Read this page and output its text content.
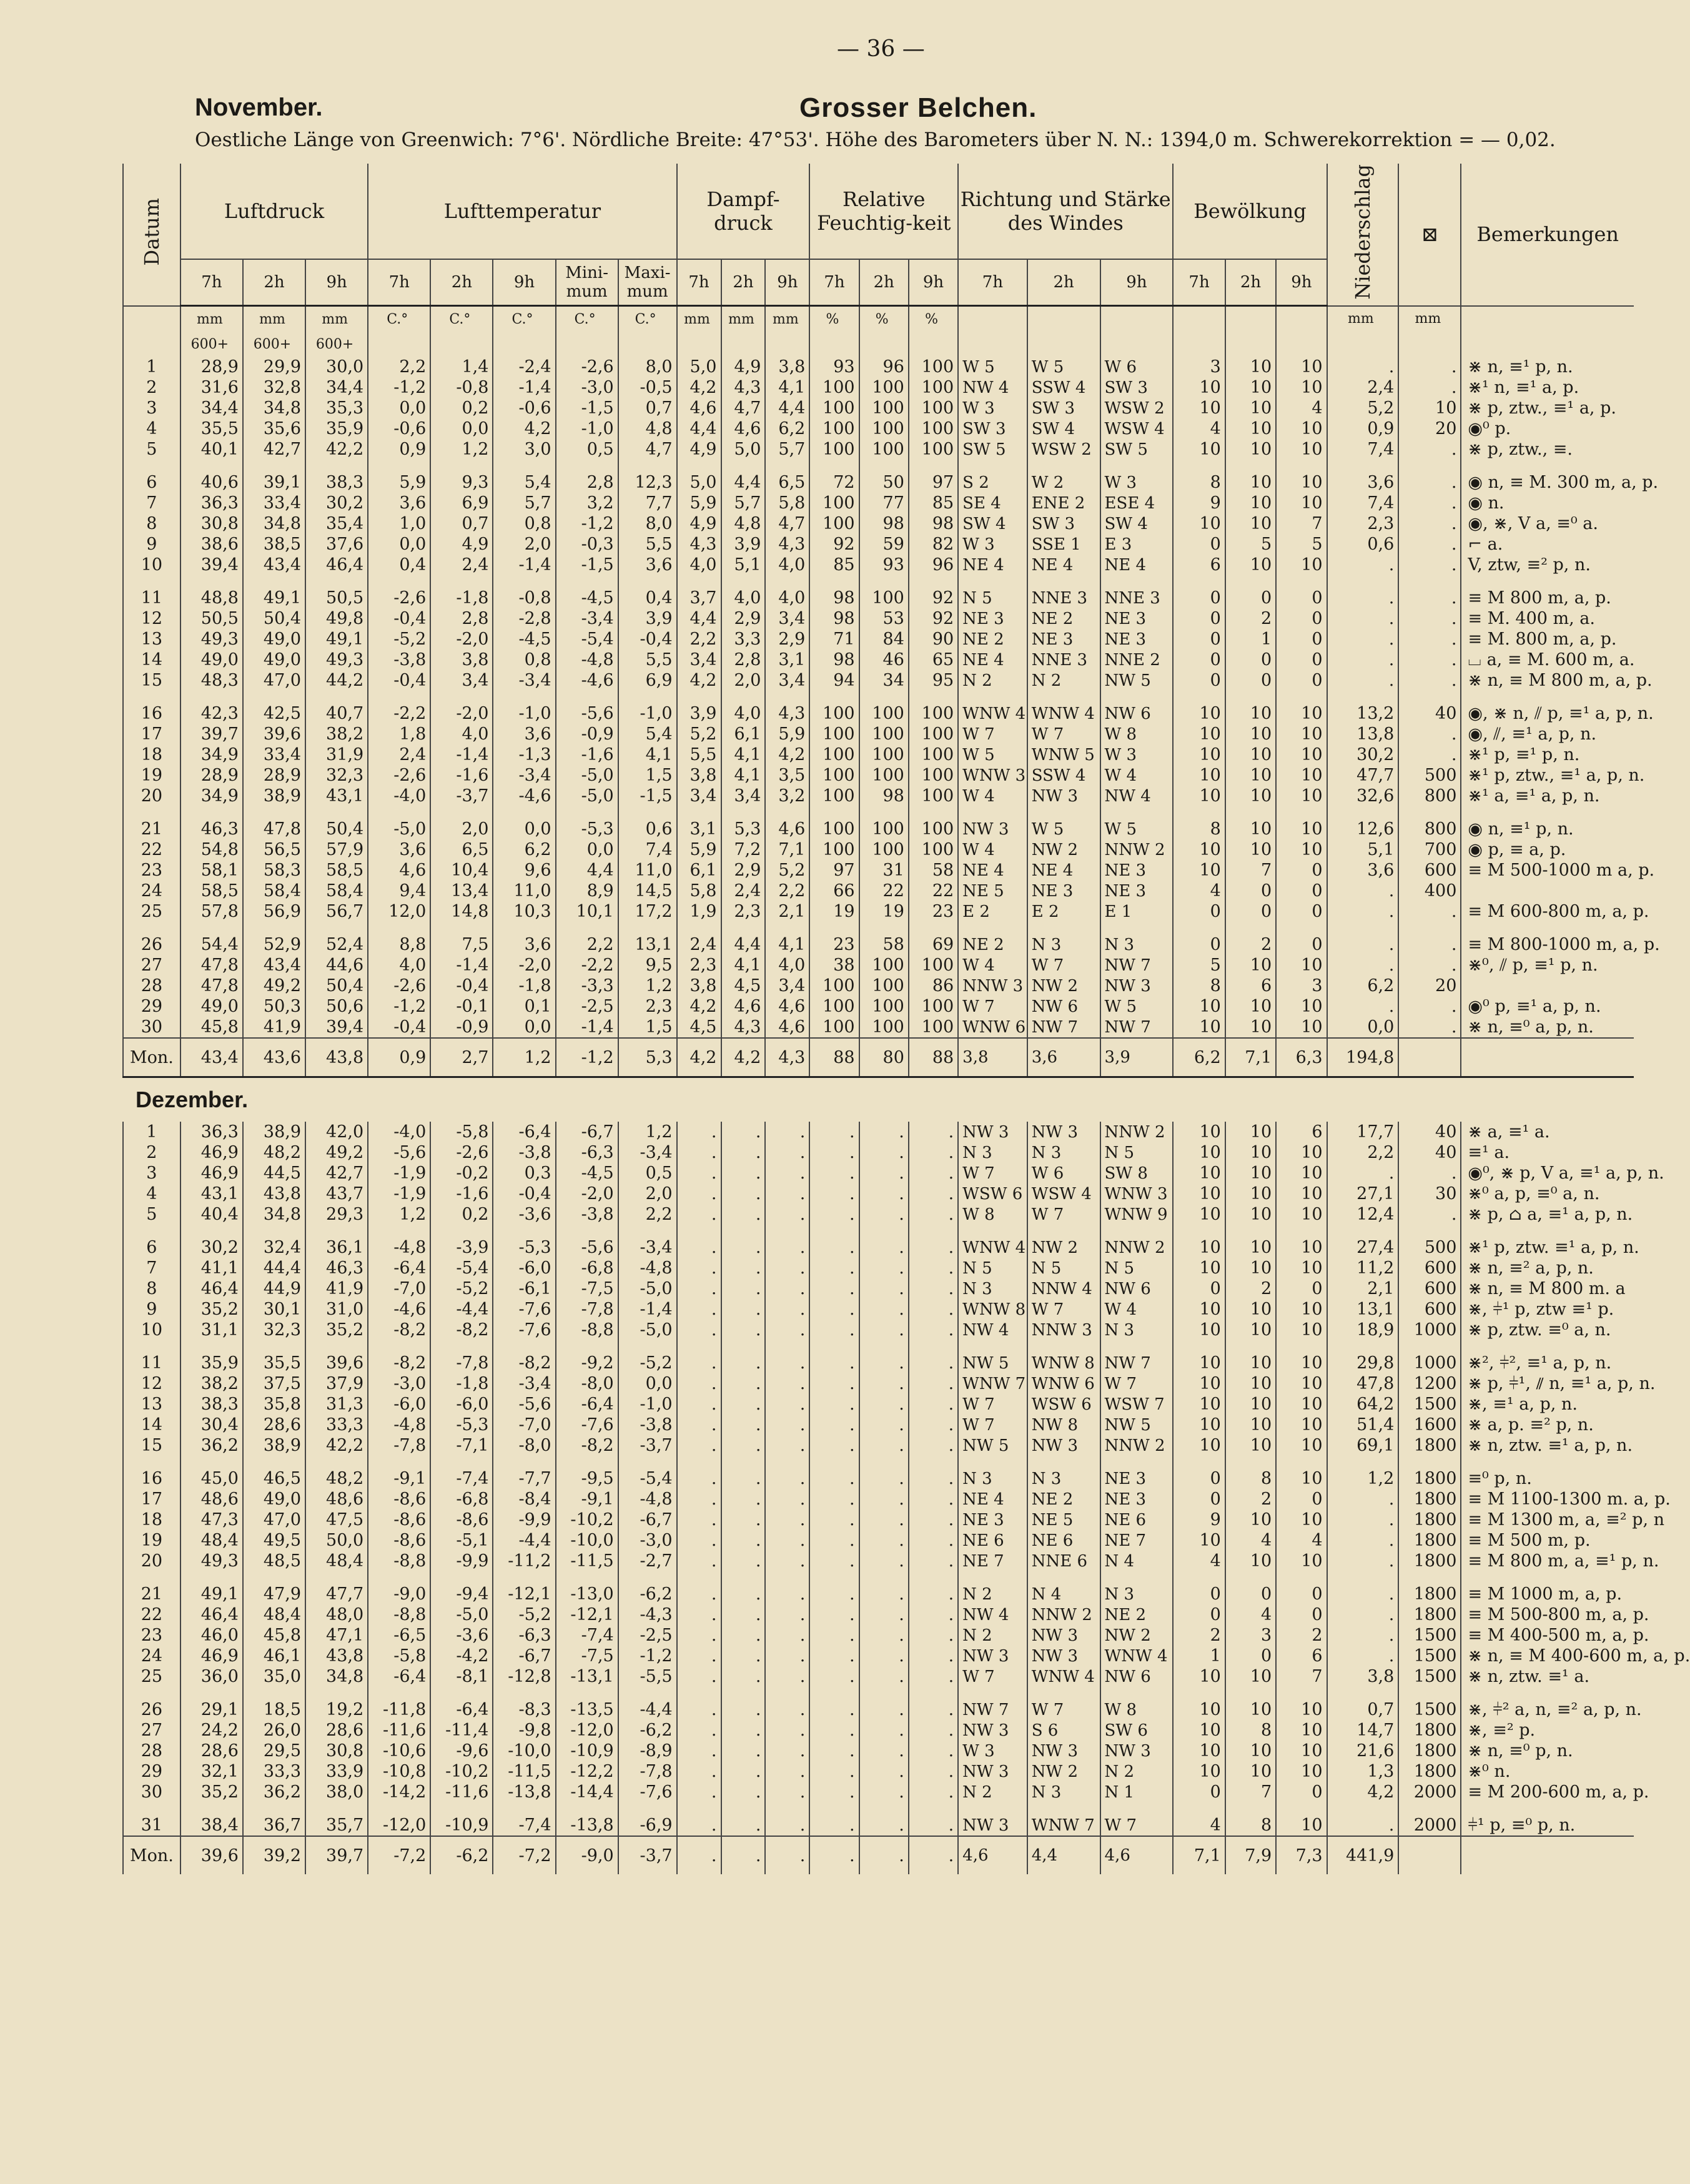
— 36 —
November.	Grosser Belchen.
Oestliche Länge von Greenwich: 7°6'. Nördliche Breite: 47°53'. Höhe des Barometers über N. N.: 1394,0 m. Schwerekorrektion = — 0,02.
Datum	Luftdruck			Lufttemperatur					Dampf-druck			Relative Feuchtig-keit			Richtung und Stärke des Windes			Bewölkung			Niederschlag	⊠	Bemerkungen
	7h	2h	9h	7h	2h	9h	Mini-mum	Maxi-mum	7h	2h	9h	7h	2h	9h	7h	2h	9h	7h	2h	9h			
	mm	mm	mm	C.°	C.°	C.°	C.°	C.°	mm	mm	mm	%	%	%							mm	mm	
	600+	600+	600+																				
1	28,9	29,9	30,0	2,2	1,4	-2,4	-2,6	8,0	5,0	4,9	3,8	93	96	100	W 5	W 5	W 6	3	10	10	.	.	⋇ n, ≡¹ p, n.
2	31,6	32,8	34,4	-1,2	-0,8	-1,4	-3,0	-0,5	4,2	4,3	4,1	100	100	100	NW 4	SSW 4	SW 3	10	10	10	2,4	.	⋇¹ n, ≡¹ a, p.
3	34,4	34,8	35,3	0,0	0,2	-0,6	-1,5	0,7	4,6	4,7	4,4	100	100	100	W 3	SW 3	WSW 2	10	10	4	5,2	10	⋇ p, ztw., ≡¹ a, p.
4	35,5	35,6	35,9	-0,6	0,0	4,2	-1,0	4,8	4,4	4,6	6,2	100	100	100	SW 3	SW 4	WSW 4	4	10	10	0,9	20	◉⁰ p.
5	40,1	42,7	42,2	0,9	1,2	3,0	0,5	4,7	4,9	5,0	5,7	100	100	100	SW 5	WSW 2	SW 5	10	10	10	7,4	.	⋇ p, ztw., ≡.

6	40,6	39,1	38,3	5,9	9,3	5,4	2,8	12,3	5,0	4,4	6,5	72	50	97	S 2	W 2	W 3	8	10	10	3,6	.	◉ n, ≡ M. 300 m, a, p.
7	36,3	33,4	30,2	3,6	6,9	5,7	3,2	7,7	5,9	5,7	5,8	100	77	85	SE 4	ENE 2	ESE 4	9	10	10	7,4	.	◉ n.
8	30,8	34,8	35,4	1,0	0,7	0,8	-1,2	8,0	4,9	4,8	4,7	100	98	98	SW 4	SW 3	SW 4	10	10	7	2,3	.	◉, ⋇, V a, ≡⁰ a.
9	38,6	38,5	37,6	0,0	4,9	2,0	-0,3	5,5	4,3	3,9	4,3	92	59	82	W 3	SSE 1	E 3	0	5	5	0,6	.	⌐ a.
10	39,4	43,4	46,4	0,4	2,4	-1,4	-1,5	3,6	4,0	5,1	4,0	85	93	96	NE 4	NE 4	NE 4	6	10	10	.	.	V, ztw, ≡² p, n.

11	48,8	49,1	50,5	-2,6	-1,8	-0,8	-4,5	0,4	3,7	4,0	4,0	98	100	92	N 5	NNE 3	NNE 3	0	0	0	.	.	≡ M 800 m, a, p.
12	50,5	50,4	49,8	-0,4	2,8	-2,8	-3,4	3,9	4,4	2,9	3,4	98	53	92	NE 3	NE 2	NE 3	0	2	0	.	.	≡ M. 400 m, a.
13	49,3	49,0	49,1	-5,2	-2,0	-4,5	-5,4	-0,4	2,2	3,3	2,9	71	84	90	NE 2	NE 3	NE 3	0	1	0	.	.	≡ M. 800 m, a, p.
14	49,0	49,0	49,3	-3,8	3,8	0,8	-4,8	5,5	3,4	2,8	3,1	98	46	65	NE 4	NNE 3	NNE 2	0	0	0	.	.	⌴ a, ≡ M. 600 m, a.
15	48,3	47,0	44,2	-0,4	3,4	-3,4	-4,6	6,9	4,2	2,0	3,4	94	34	95	N 2	N 2	NW 5	0	0	0	.	.	⋇ n, ≡ M 800 m, a, p.

16	42,3	42,5	40,7	-2,2	-2,0	-1,0	-5,6	-1,0	3,9	4,0	4,3	100	100	100	WNW 4	WNW 4	NW 6	10	10	10	13,2	40	◉, ⋇ n, ⫽ p, ≡¹ a, p, n.
17	39,7	39,6	38,2	1,8	4,0	3,6	-0,9	5,4	5,2	6,1	5,9	100	100	100	W 7	W 7	W 8	10	10	10	13,8	.	◉, ⫽, ≡¹ a, p, n.
18	34,9	33,4	31,9	2,4	-1,4	-1,3	-1,6	4,1	5,5	4,1	4,2	100	100	100	W 5	WNW 5	W 3	10	10	10	30,2	.	⋇¹ p, ≡¹ p, n.
19	28,9	28,9	32,3	-2,6	-1,6	-3,4	-5,0	1,5	3,8	4,1	3,5	100	100	100	WNW 3	SSW 4	W 4	10	10	10	47,7	500	⋇¹ p, ztw., ≡¹ a, p, n.
20	34,9	38,9	43,1	-4,0	-3,7	-4,6	-5,0	-1,5	3,4	3,4	3,2	100	98	100	W 4	NW 3	NW 4	10	10	10	32,6	800	⋇¹ a, ≡¹ a, p, n.

21	46,3	47,8	50,4	-5,0	2,0	0,0	-5,3	0,6	3,1	5,3	4,6	100	100	100	NW 3	W 5	W 5	8	10	10	12,6	800	◉ n, ≡¹ p, n.
22	54,8	56,5	57,9	3,6	6,5	6,2	0,0	7,4	5,9	7,2	7,1	100	100	100	W 4	NW 2	NNW 2	10	10	10	5,1	700	◉ p, ≡ a, p.
23	58,1	58,3	58,5	4,6	10,4	9,6	4,4	11,0	6,1	2,9	5,2	97	31	58	NE 4	NE 4	NE 3	10	7	0	3,6	600	≡ M 500-1000 m a, p.
24	58,5	58,4	58,4	9,4	13,4	11,0	8,9	14,5	5,8	2,4	2,2	66	22	22	NE 5	NE 3	NE 3	4	0	0	.	400	
25	57,8	56,9	56,7	12,0	14,8	10,3	10,1	17,2	1,9	2,3	2,1	19	19	23	E 2	E 2	E 1	0	0	0	.	.	≡ M 600-800 m, a, p.

26	54,4	52,9	52,4	8,8	7,5	3,6	2,2	13,1	2,4	4,4	4,1	23	58	69	NE 2	N 3	N 3	0	2	0	.	.	≡ M 800-1000 m, a, p.
27	47,8	43,4	44,6	4,0	-1,4	-2,0	-2,2	9,5	2,3	4,1	4,0	38	100	100	W 4	W 7	NW 7	5	10	10	.	.	⋇⁰, ⫽ p, ≡¹ p, n.
28	47,8	49,2	50,4	-2,6	-0,4	-1,8	-3,3	1,2	3,8	4,5	3,4	100	100	86	NNW 3	NW 2	NW 3	8	6	3	6,2	20	
29	49,0	50,3	50,6	-1,2	-0,1	0,1	-2,5	2,3	4,2	4,6	4,6	100	100	100	W 7	NW 6	W 5	10	10	10	.	.	◉⁰ p, ≡¹ a, p, n.
30	45,8	41,9	39,4	-0,4	-0,9	0,0	-1,4	1,5	4,5	4,3	4,6	100	100	100	WNW 6	NW 7	NW 7	10	10	10	0,0	.	⋇ n, ≡⁰ a, p, n.
Mon.	43,4	43,6	43,8	0,9	2,7	1,2	-1,2	5,3	4,2	4,2	4,3	88	80	88	3,8	3,6	3,9	6,2	7,1	6,3	194,8		
Dezember.																							
1	36,3	38,9	42,0	-4,0	-5,8	-6,4	-6,7	1,2	.	.	.	.	.	.	NW 3	NW 3	NNW 2	10	10	6	17,7	40	⋇ a, ≡¹ a.
2	46,9	48,2	49,2	-5,6	-2,6	-3,8	-6,3	-3,4	.	.	.	.	.	.	N 3	N 3	N 5	10	10	10	2,2	40	≡¹ a.
3	46,9	44,5	42,7	-1,9	-0,2	0,3	-4,5	0,5	.	.	.	.	.	.	W 7	W 6	SW 8	10	10	10	.	.	◉⁰, ⋇ p, V a, ≡¹ a, p, n.
4	43,1	43,8	43,7	-1,9	-1,6	-0,4	-2,0	2,0	.	.	.	.	.	.	WSW 6	WSW 4	WNW 3	10	10	10	27,1	30	⋇⁰ a, p, ≡⁰ a, n.
5	40,4	34,8	29,3	1,2	0,2	-3,6	-3,8	2,2	.	.	.	.	.	.	W 8	W 7	WNW 9	10	10	10	12,4	.	⋇ p, ⌂ a, ≡¹ a, p, n.

6	30,2	32,4	36,1	-4,8	-3,9	-5,3	-5,6	-3,4	.	.	.	.	.	.	WNW 4	NW 2	NNW 2	10	10	10	27,4	500	⋇¹ p, ztw. ≡¹ a, p, n.
7	41,1	44,4	46,3	-6,4	-5,4	-6,0	-6,8	-4,8	.	.	.	.	.	.	N 5	N 5	N 5	10	10	10	11,2	600	⋇ n, ≡² a, p, n.
8	46,4	44,9	41,9	-7,0	-5,2	-6,1	-7,5	-5,0	.	.	.	.	.	.	N 3	NNW 4	NW 6	0	2	0	2,1	600	⋇ n, ≡ M 800 m. a
9	35,2	30,1	31,0	-4,6	-4,4	-7,6	-7,8	-1,4	.	.	.	.	.	.	WNW 8	W 7	W 4	10	10	10	13,1	600	⋇, ⫩¹ p, ztw ≡¹ p.
10	31,1	32,3	35,2	-8,2	-8,2	-7,6	-8,8	-5,0	.	.	.	.	.	.	NW 4	NNW 3	N 3	10	10	10	18,9	1000	⋇ p, ztw. ≡⁰ a, n.

11	35,9	35,5	39,6	-8,2	-7,8	-8,2	-9,2	-5,2	.	.	.	.	.	.	NW 5	WNW 8	NW 7	10	10	10	29,8	1000	⋇², ⫩², ≡¹ a, p, n.
12	38,2	37,5	37,9	-3,0	-1,8	-3,4	-8,0	0,0	.	.	.	.	.	.	WNW 7	WNW 6	W 7	10	10	10	47,8	1200	⋇ p, ⫩¹, ⫽ n, ≡¹ a, p, n.
13	38,3	35,8	31,3	-6,0	-6,0	-5,6	-6,4	-1,0	.	.	.	.	.	.	W 7	WSW 6	WSW 7	10	10	10	64,2	1500	⋇, ≡¹ a, p, n.
14	30,4	28,6	33,3	-4,8	-5,3	-7,0	-7,6	-3,8	.	.	.	.	.	.	W 7	NW 8	NW 5	10	10	10	51,4	1600	⋇ a, p. ≡² p, n.
15	36,2	38,9	42,2	-7,8	-7,1	-8,0	-8,2	-3,7	.	.	.	.	.	.	NW 5	NW 3	NNW 2	10	10	10	69,1	1800	⋇ n, ztw. ≡¹ a, p, n.

16	45,0	46,5	48,2	-9,1	-7,4	-7,7	-9,5	-5,4	.	.	.	.	.	.	N 3	N 3	NE 3	0	8	10	1,2	1800	≡⁰ p, n.
17	48,6	49,0	48,6	-8,6	-6,8	-8,4	-9,1	-4,8	.	.	.	.	.	.	NE 4	NE 2	NE 3	0	2	0	.	1800	≡ M 1100-1300 m. a, p.
18	47,3	47,0	47,5	-8,6	-8,6	-9,9	-10,2	-6,7	.	.	.	.	.	.	NE 3	NE 5	NE 6	9	10	10	.	1800	≡ M 1300 m, a, ≡² p, n
19	48,4	49,5	50,0	-8,6	-5,1	-4,4	-10,0	-3,0	.	.	.	.	.	.	NE 6	NE 6	NE 7	10	4	4	.	1800	≡ M 500 m, p.
20	49,3	48,5	48,4	-8,8	-9,9	-11,2	-11,5	-2,7	.	.	.	.	.	.	NE 7	NNE 6	N 4	4	10	10	.	1800	≡ M 800 m, a, ≡¹ p, n.

21	49,1	47,9	47,7	-9,0	-9,4	-12,1	-13,0	-6,2	.	.	.	.	.	.	N 2	N 4	N 3	0	0	0	.	1800	≡ M 1000 m, a, p.
22	46,4	48,4	48,0	-8,8	-5,0	-5,2	-12,1	-4,3	.	.	.	.	.	.	NW 4	NNW 2	NE 2	0	4	0	.	1800	≡ M 500-800 m, a, p.
23	46,0	45,8	47,1	-6,5	-3,6	-6,3	-7,4	-2,5	.	.	.	.	.	.	N 2	NW 3	NW 2	2	3	2	.	1500	≡ M 400-500 m, a, p.
24	46,9	46,1	43,8	-5,8	-4,2	-6,7	-7,5	-1,2	.	.	.	.	.	.	NW 3	NW 3	WNW 4	1	0	6	.	1500	⋇ n, ≡ M 400-600 m, a, p.
25	36,0	35,0	34,8	-6,4	-8,1	-12,8	-13,1	-5,5	.	.	.	.	.	.	W 7	WNW 4	NW 6	10	10	7	3,8	1500	⋇ n, ztw. ≡¹ a.

26	29,1	18,5	19,2	-11,8	-6,4	-8,3	-13,5	-4,4	.	.	.	.	.	.	NW 7	W 7	W 8	10	10	10	0,7	1500	⋇, ⫩² a, n, ≡² a, p, n.
27	24,2	26,0	28,6	-11,6	-11,4	-9,8	-12,0	-6,2	.	.	.	.	.	.	NW 3	S 6	SW 6	10	8	10	14,7	1800	⋇, ≡² p.
28	28,6	29,5	30,8	-10,6	-9,6	-10,0	-10,9	-8,9	.	.	.	.	.	.	W 3	NW 3	NW 3	10	10	10	21,6	1800	⋇ n, ≡⁰ p, n.
29	32,1	33,3	33,9	-10,8	-10,2	-11,5	-12,2	-7,8	.	.	.	.	.	.	NW 3	NW 2	N 2	10	10	10	1,3	1800	⋇⁰ n.
30	35,2	36,2	38,0	-14,2	-11,6	-13,8	-14,4	-7,6	.	.	.	.	.	.	N 2	N 3	N 1	0	7	0	4,2	2000	≡ M 200-600 m, a, p.

31	38,4	36,7	35,7	-12,0	-10,9	-7,4	-13,8	-6,9	.	.	.	.	.	.	NW 3	WNW 7	W 7	4	8	10	.	2000	⫩¹ p, ≡⁰ p, n.
Mon.	39,6	39,2	39,7	-7,2	-6,2	-7,2	-9,0	-3,7	.	.	.	.	.	.	4,6	4,4	4,6	7,1	7,9	7,3	441,9		
